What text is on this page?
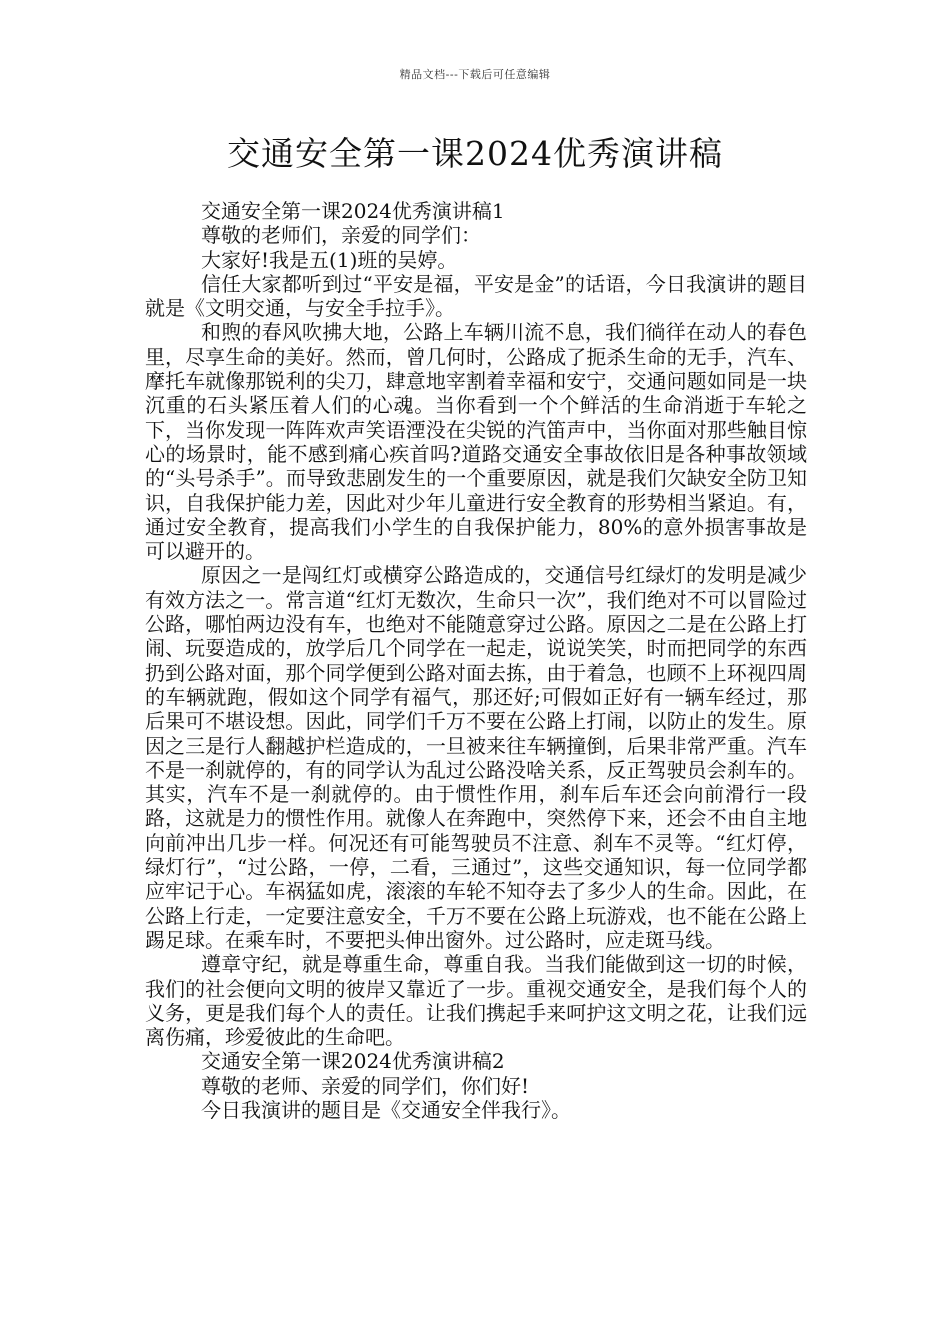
精品文档---下载后可任意编辑
交通安全第一课2024优秀演讲稿

交通安全第一课2024优秀演讲稿1

尊敬的老师们，亲爱的同学们：

大家好!我是五(1)班的吴婷。

信任大家都听到过“平安是福，平安是金”的话语，今日我演讲的题目就是《文明交通，与安全手拉手》。

和煦的春风吹拂大地，公路上车辆川流不息，我们徜徉在动人的春色里，尽享生命的美好。然而，曾几何时，公路成了扼杀生命的无手，汽车、摩托车就像那锐利的尖刀，肆意地宰割着幸福和安宁，交通问题如同是一块沉重的石头紧压着人们的心魂。当你看到一个个鲜活的生命消逝于车轮之下，当你发现一阵阵欢声笑语湮没在尖锐的汽笛声中，当你面对那些触目惊心的场景时，能不感到痛心疾首吗?道路交通安全事故依旧是各种事故领域的“头号杀手”。而导致悲剧发生的一个重要原因，就是我们欠缺安全防卫知识，自我保护能力差，因此对少年儿童进行安全教育的形势相当紧迫。有，通过安全教育，提高我们小学生的自我保护能力，80%的意外损害事故是可以避开的。

原因之一是闯红灯或横穿公路造成的，交通信号红绿灯的发明是减少有效方法之一。常言道“红灯无数次，生命只一次”，我们绝对不可以冒险过公路，哪怕两边没有车，也绝对不能随意穿过公路。原因之二是在公路上打闹、玩耍造成的，放学后几个同学在一起走，说说笑笑，时而把同学的东西扔到公路对面，那个同学便到公路对面去拣，由于着急，也顾不上环视四周的车辆就跑，假如这个同学有福气，那还好;可假如正好有一辆车经过，那后果可不堪设想。因此，同学们千万不要在公路上打闹，以防止的发生。原因之三是行人翻越护栏造成的，一旦被来往车辆撞倒，后果非常严重。汽车不是一刹就停的，有的同学认为乱过公路没啥关系，反正驾驶员会刹车的。其实，汽车不是一刹就停的。由于惯性作用，刹车后车还会向前滑行一段路，这就是力的惯性作用。就像人在奔跑中，突然停下来，还会不由自主地向前冲出几步一样。何况还有可能驾驶员不注意、刹车不灵等。“红灯停，绿灯行”，“过公路，一停，二看，三通过”，这些交通知识，每一位同学都应牢记于心。车祸猛如虎，滚滚的车轮不知夺去了多少人的生命。因此，在公路上行走，一定要注意安全，千万不要在公路上玩游戏，也不能在公路上踢足球。在乘车时，不要把头伸出窗外。过公路时，应走斑马线。

遵章守纪，就是尊重生命，尊重自我。当我们能做到这一切的时候，我们的社会便向文明的彼岸又靠近了一步。重视交通安全，是我们每个人的义务，更是我们每个人的责任。让我们携起手来呵护这文明之花，让我们远离伤痛，珍爱彼此的生命吧。

交通安全第一课2024优秀演讲稿2

尊敬的老师、亲爱的同学们，你们好!

今日我演讲的题目是《交通安全伴我行》。
